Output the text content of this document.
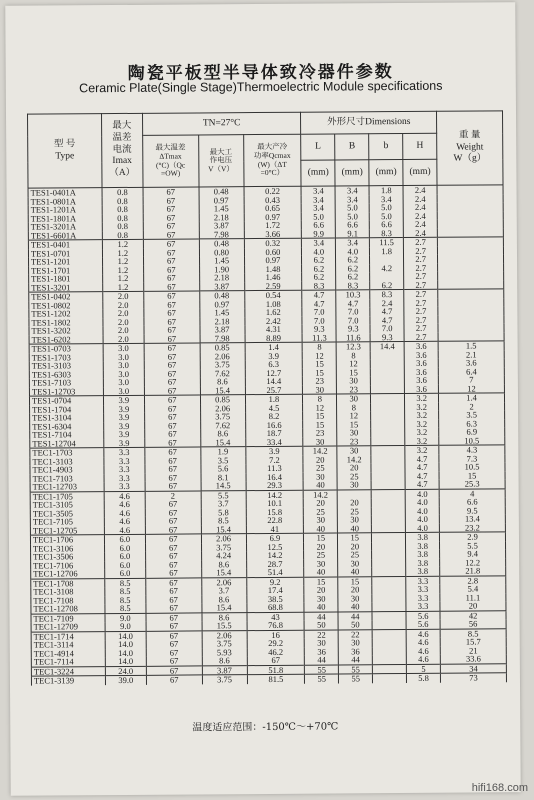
陶瓷平板型半导体致冷器件参数
Ceramic Plate(Single Stage)Thermoelectric Module specifications
型 号
Type	最大
温差
电流
Imax
（A）	TN=27°C			外形尺寸Dimensions				重 量
Weight
W（g）
		最大温差
ΔTmax
(°C)（Qc
=OW)	最大工
作电压
V（V）	最大产冷
功率Qcmax
(W)（ΔT
=0°C）	L	B	b	H	
					(mm)	(mm)	(mm)	(mm)	
TES1-0401A	0.8	67	0.48	0.22	3.4	3.4	1.8	2.4	
TES1-0801A	0.8	67	0.97	0.43	3.4	3.4	3.4	2.4	
TES1-1201A	0.8	67	1.45	0.65	3.4	5.0	5.0	2.4	
TES1-1801A	0.8	67	2.18	0.97	5.0	5.0	5.0	2.4	
TES1-3201A	0.8	67	3.87	1.72	6.6	6.6	6.6	2.4	
TES1-6601A	0.8	67	7.98	3.66	9.9	9.1	8.3	2.4	
TES1-0401	1.2	67	0.48	0.32	3.4	3.4	11.5	2.7	
TES1-0701	1.2	67	0.80	0.60	4.0	4.0	1.8	2.7	
TES1-1201	1.2	67	1.45	0.97	6.2	6.2		2.7	
TES1-1701	1.2	67	1.90	1.48	6.2	6.2	4.2	2.7	
TES1-1801	1.2	67	2.18	1.46	6.2	6.2		2.7	
TES1-3201	1.2	67	3.87	2.59	8.3	8.3	6.2	2.7	
TES1-0402	2.0	67	0.48	0.54	4.7	10.3	8.3	2.7	
TES1-0802	2.0	67	0.97	1.08	4.7	4.7	2.4	2.7	
TES1-1202	2.0	67	1.45	1.62	7.0	7.0	4.7	2.7	
TES1-1802	2.0	67	2.18	2.42	7.0	7.0	4.7	2.7	
TES1-3202	2.0	67	3.87	4.31	9.3	9.3	7.0	2.7	
TES1-6202	2.0	67	7.98	8.89	11.3	11.6	9.3	2.7	
TES1-0703	3.0	67	0.85	1.4	8	12.3	14.4	3.6	1.5
TES1-1703	3.0	67	2.06	3.9	12	8		3.6	2.1
TES1-3103	3.0	67	3.75	6.3	15	12		3.6	3.6
TES1-6303	3.0	67	7.62	12.7	15	15		3.6	6.4
TES1-7103	3.0	67	8.6	14.4	23	30		3.6	7
TES1-12703	3.0	67	15.4	25.7	30	23		3.6	12
TES1-0704	3.9	67	0.85	1.8	8	30		3.2	1.4
TES1-1704	3.9	67	2.06	4.5	12	8		3.2	2
TES1-3104	3.9	67	3.75	8.2	15	12		3.2	3.5
TES1-6304	3.9	67	7.62	16.6	15	15		3.2	6.3
TES1-7104	3.9	67	8.6	18.7	23	30		3.2	6.9
TES1-12704	3.9	67	15.4	33.4	30	23		3.2	10.5
TEC1-1703	3.3	67	1.9	3.9	14.2	30		3.2	4.3
TEC1-3103	3.3	67	3.5	7.2	20	14.2		4.7	7.3
TEC1-4903	3.3	67	5.6	11.3	25	20		4.7	10.5
TEC1-7103	3.3	67	8.1	16.4	30	25		4.7	15
TEC1-12703	3.3	67	14.5	29.3	40	30		4.7	25.3
TEC1-1705	4.6	2	5.5	14.2	14.2			4.0	4
TEC1-3105	4.6	67	3.7	10.1	20	20		4.0	6.6
TEC1-3505	4.6	67	5.8	15.8	25	25		4.0	9.5
TEC1-7105	4.6	67	8.5	22.8	30	30		4.0	13.4
TEC1-12705	4.6	67	15.4	41	40	40		4.0	23.2
TEC1-1706	6.0	67	2.06	6.9	15	15		3.8	2.9
TEC1-3106	6.0	67	3.75	12.5	20	20		3.8	5.5
TEC1-3506	6.0	67	4.24	14.2	25	25		3.8	9.4
TEC1-7106	6.0	67	8.6	28.7	30	30		3.8	12.2
TEC1-12706	6.0	67	15.4	51.4	40	40		3.8	21.8
TEC1-1708	8.5	67	2.06	9.2	15	15		3.3	2.8
TEC1-3108	8.5	67	3.7	17.4	20	20		3.3	5.4
TEC1-7108	8.5	67	8.6	38.5	30	30		3.3	11.1
TEC1-12708	8.5	67	15.4	68.8	40	40		3.3	20
TEC1-7109	9.0	67	8.6	43	44	44		5.6	42
TEC1-12709	9.0	67	15.5	76.8	50	50		5.6	56
TEC1-1714	14.0	67	2.06	16	22	22		4.6	8.5
TEC1-3114	14.0	67	3.75	29.2	30	30		4.6	15.7
TEC1-4914	14.0	67	5.93	46.2	36	36		4.6	21
TEC1-7114	14.0	67	8.6	67	44	44		4.6	33.6
TEC1-3224	24.0	67	3.87	51.8	55	55		5	34
TEC1-3139	39.0	67	3.75	81.5	55	55		5.8	73
温度适应范围：-150℃～+70℃
hifi168.com
